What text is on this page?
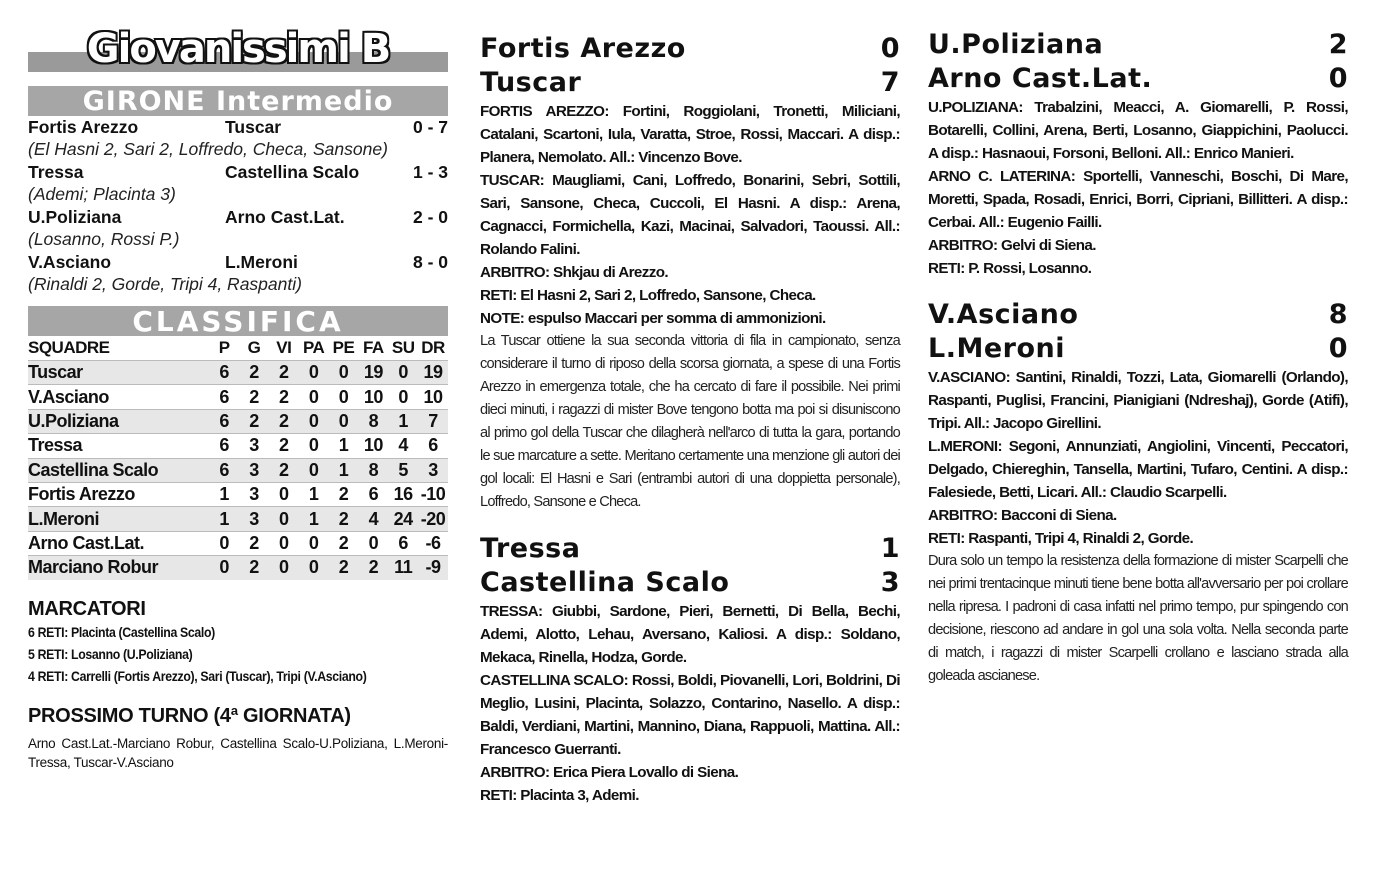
Giovanissimi B
GIRONE Intermedio
Fortis Arezzo	Tuscar	0 - 7
(El Hasni 2, Sari 2, Loffredo, Checa, Sansone)
Tressa	Castellina Scalo	1 - 3
(Ademi; Placinta 3)
U.Poliziana	Arno Cast.Lat.	2 - 0
(Losanno, Rossi P.)
V.Asciano	L.Meroni	8 - 0
(Rinaldi 2, Gorde, Tripi 4, Raspanti)
CLASSIFICA
SQUADRE	P	G	VI	PA	PE	FA	SU	DR
Tuscar	6	2	2	0	0	19	0	19
V.Asciano	6	2	2	0	0	10	0	10
U.Poliziana	6	2	2	0	0	8	1	7
Tressa	6	3	2	0	1	10	4	6
Castellina Scalo	6	3	2	0	1	8	5	3
Fortis Arezzo	1	3	0	1	2	6	16	-10
L.Meroni	1	3	0	1	2	4	24	-20
Arno Cast.Lat.	0	2	0	0	2	0	6	-6
Marciano Robur	0	2	0	0	2	2	11	-9
MARCATORI
6 RETI: Placinta (Castellina Scalo)
5 RETI: Losanno (U.Poliziana)
4 RETI: Carrelli (Fortis Arezzo), Sari (Tuscar), Tripi (V.Asciano)
PROSSIMO TURNO (4ª GIORNATA)
Arno Cast.Lat.-Marciano Robur, Castellina Scalo-U.Poliziana, L.Meroni-Tressa, Tuscar-V.Asciano
Fortis Arezzo	0
Tuscar	7

FORTIS AREZZO: Fortini, Roggiolani, Tronetti, Miliciani, Catalani, Scartoni, Iula, Varatta, Stroe, Rossi, Maccari. A disp.: Planera, Nemolato. All.: Vincenzo Bove.

TUSCAR: Maugliami, Cani, Loffredo, Bonarini, Sebri, Sottili, Sari, Sansone, Checa, Cuccoli, El Hasni. A disp.: Arena, Cagnacci, Formichella, Kazi, Macinai, Salvadori, Taoussi. All.: Rolando Falini.

ARBITRO: Shkjau di Arezzo.

RETI: El Hasni 2, Sari 2, Loffredo, Sansone, Checa.

NOTE: espulso Maccari per somma di ammonizioni.

La Tuscar ottiene la sua seconda vittoria di fila in campionato, senza considerare il turno di riposo della scorsa giornata, a spese di una Fortis Arezzo in emergenza totale, che ha cercato di fare il possibile. Nei primi dieci minuti, i ragazzi di mister Bove tengono botta ma poi si disuniscono al primo gol della Tuscar che dilagherà nell'arco di tutta la gara, portando le sue marcature a sette. Meritano certamente una menzione gli autori dei gol locali: El Hasni e Sari (entrambi autori di una doppietta personale), Loffredo, Sansone e Checa.

Tressa	1
Castellina Scalo	3

TRESSA: Giubbi, Sardone, Pieri, Bernetti, Di Bella, Bechi, Ademi, Alotto, Lehau, Aversano, Kaliosi. A disp.: Soldano, Mekaca, Rinella, Hodza, Gorde.

CASTELLINA SCALO: Rossi, Boldi, Piovanelli, Lori, Boldrini, Di Meglio, Lusini, Placinta, Solazzo, Contarino, Nasello. A disp.: Baldi, Verdiani, Martini, Mannino, Diana, Rappuoli, Mattina. All.: Francesco Guerranti.

ARBITRO: Erica Piera Lovallo di Siena.

RETI: Placinta 3, Ademi.

U.Poliziana	2
Arno Cast.Lat.	0

U.POLIZIANA: Trabalzini, Meacci, A. Giomarelli, P. Rossi, Botarelli, Collini, Arena, Berti, Losanno, Giappichini, Paolucci. A disp.: Hasnaoui, Forsoni, Belloni. All.: Enrico Manieri.

ARNO C. LATERINA: Sportelli, Vanneschi, Boschi, Di Mare, Moretti, Spada, Rosadi, Enrici, Borri, Cipriani, Billitteri. A disp.: Cerbai. All.: Eugenio Failli.

ARBITRO: Gelvi di Siena.

RETI: P. Rossi, Losanno.

V.Asciano	8
L.Meroni	0

V.ASCIANO: Santini, Rinaldi, Tozzi, Lata, Giomarelli (Orlando), Raspanti, Puglisi, Francini, Pianigiani (Ndreshaj), Gorde (Atifi), Tripi. All.: Jacopo Girellini.

L.MERONI: Segoni, Annunziati, Angiolini, Vincenti, Peccatori, Delgado, Chiereghin, Tansella, Martini, Tufaro, Centini. A disp.: Falesiede, Betti, Licari. All.: Claudio Scarpelli.

ARBITRO: Bacconi di Siena.

RETI: Raspanti, Tripi 4, Rinaldi 2, Gorde.

Dura solo un tempo la resistenza della formazione di mister Scarpelli che nei primi trentacinque minuti tiene bene botta all'avversario per poi crollare nella ripresa. I padroni di casa infatti nel primo tempo, pur spingendo con decisione, riescono ad andare in gol una sola volta. Nella seconda parte di match, i ragazzi di mister Scarpelli crollano e lasciano strada alla goleada ascianese.
